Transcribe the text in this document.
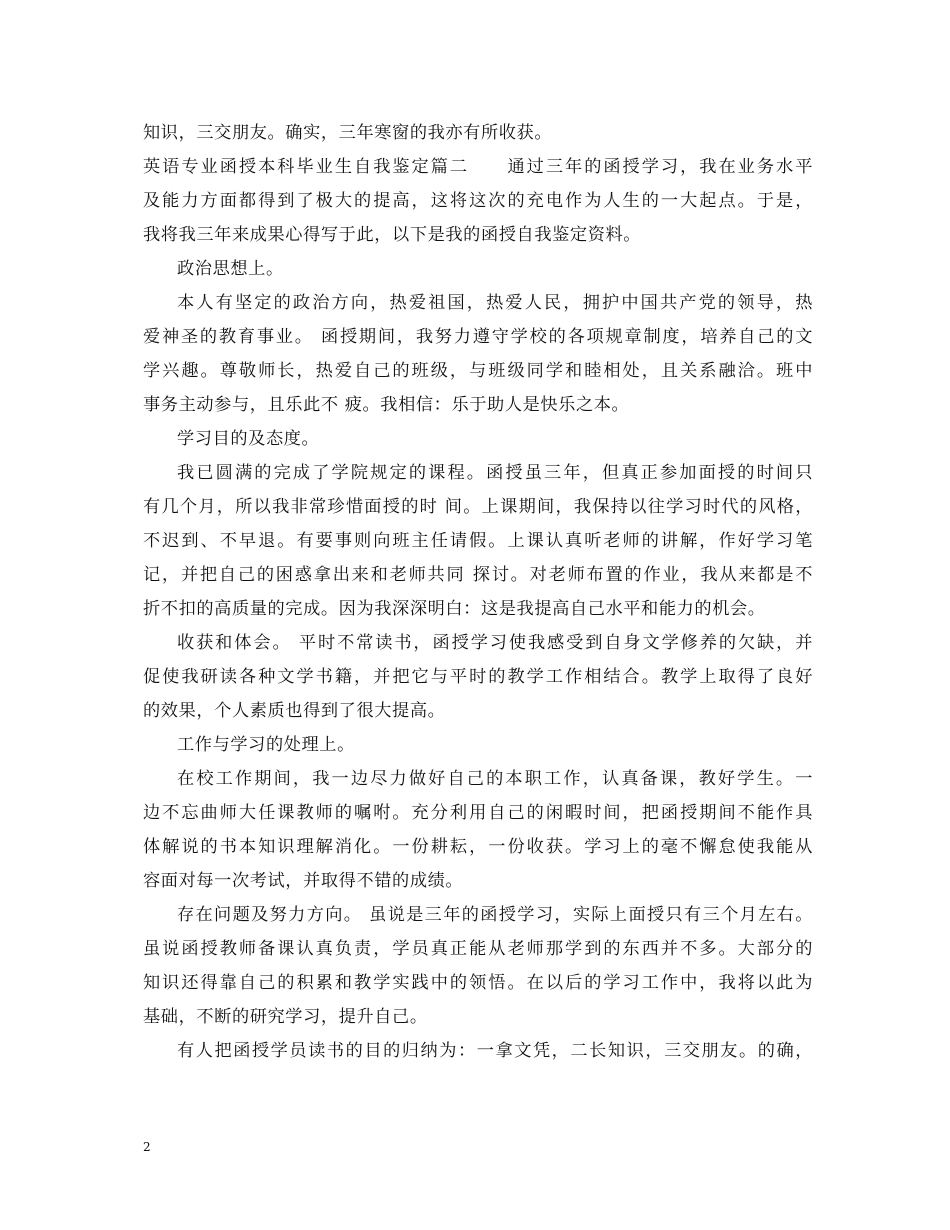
知识，三交朋友。确实，三年寒窗的我亦有所收获。
英语专业函授本科毕业生自我鉴定篇二　　通过三年的函授学习，我在业务水平
及能力方面都得到了极大的提高，这将这次的充电作为人生的一大起点。于是，
我将我三年来成果心得写于此，以下是我的函授自我鉴定资料。
政治思想上。
本人有坚定的政治方向，热爱祖国，热爱人民，拥护中国共产党的领导，热
爱神圣的教育事业。 函授期间，我努力遵守学校的各项规章制度，培养自己的文
学兴趣。尊敬师长，热爱自己的班级，与班级同学和睦相处，且关系融洽。班中
事务主动参与，且乐此不 疲。我相信：乐于助人是快乐之本。
学习目的及态度。
我已圆满的完成了学院规定的课程。函授虽三年，但真正参加面授的时间只
有几个月，所以我非常珍惜面授的时 间。上课期间，我保持以往学习时代的风格，
不迟到、不早退。有要事则向班主任请假。上课认真听老师的讲解，作好学习笔
记，并把自己的困惑拿出来和老师共同 探讨。对老师布置的作业，我从来都是不
折不扣的高质量的完成。因为我深深明白：这是我提高自己水平和能力的机会。
收获和体会。 平时不常读书，函授学习使我感受到自身文学修养的欠缺，并
促使我研读各种文学书籍，并把它与平时的教学工作相结合。教学上取得了良好
的效果，个人素质也得到了很大提高。
工作与学习的处理上。
在校工作期间，我一边尽力做好自己的本职工作，认真备课，教好学生。一
边不忘曲师大任课教师的嘱咐。充分利用自己的闲暇时间，把函授期间不能作具
体解说的书本知识理解消化。一份耕耘，一份收获。学习上的毫不懈怠使我能从
容面对每一次考试，并取得不错的成绩。
存在问题及努力方向。 虽说是三年的函授学习，实际上面授只有三个月左右。
虽说函授教师备课认真负责，学员真正能从老师那学到的东西并不多。大部分的
知识还得靠自己的积累和教学实践中的领悟。在以后的学习工作中，我将以此为
基础，不断的研究学习，提升自己。
有人把函授学员读书的目的归纳为：一拿文凭，二长知识，三交朋友。的确，
2
